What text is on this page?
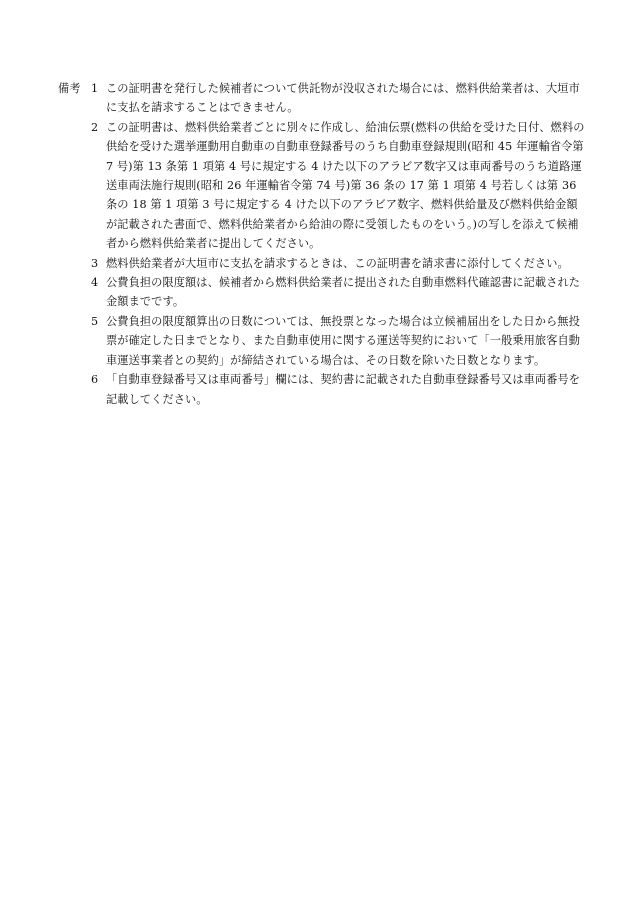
備考 1 この証明書を発行した候補者について供託物が没収された場合には、燃料供給業者は、大垣市に支払を請求することはできません。
2 この証明書は、燃料供給業者ごとに別々に作成し、給油伝票(燃料の供給を受けた日付、燃料の供給を受けた選挙運動用自動車の自動車登録番号のうち自動車登録規則(昭和 45 年運輸省令第 7 号)第 13 条第 1 項第 4 号に規定する 4 けた以下のアラビア数字又は車両番号のうち道路運送車両法施行規則(昭和 26 年運輸省令第 74 号)第 36 条の 17 第 1 項第 4 号若しくは第 36 条の 18 第 1 項第 3 号に規定する 4 けた以下のアラビア数字、燃料供給量及び燃料供給金額が記載された書面で、燃料供給業者から給油の際に受領したものをいう。)の写しを添えて候補者から燃料供給業者に提出してください。
3 燃料供給業者が大垣市に支払を請求するときは、この証明書を請求書に添付してください。
4 公費負担の限度額は、候補者から燃料供給業者に提出された自動車燃料代確認書に記載された金額までです。
5 公費負担の限度額算出の日数については、無投票となった場合は立候補届出をした日から無投票が確定した日までとなり、また自動車使用に関する運送等契約において「一般乗用旅客自動車運送事業者との契約」が締結されている場合は、その日数を除いた日数となります。
6 「自動車登録番号又は車両番号」欄には、契約書に記載された自動車登録番号又は車両番号を記載してください。
